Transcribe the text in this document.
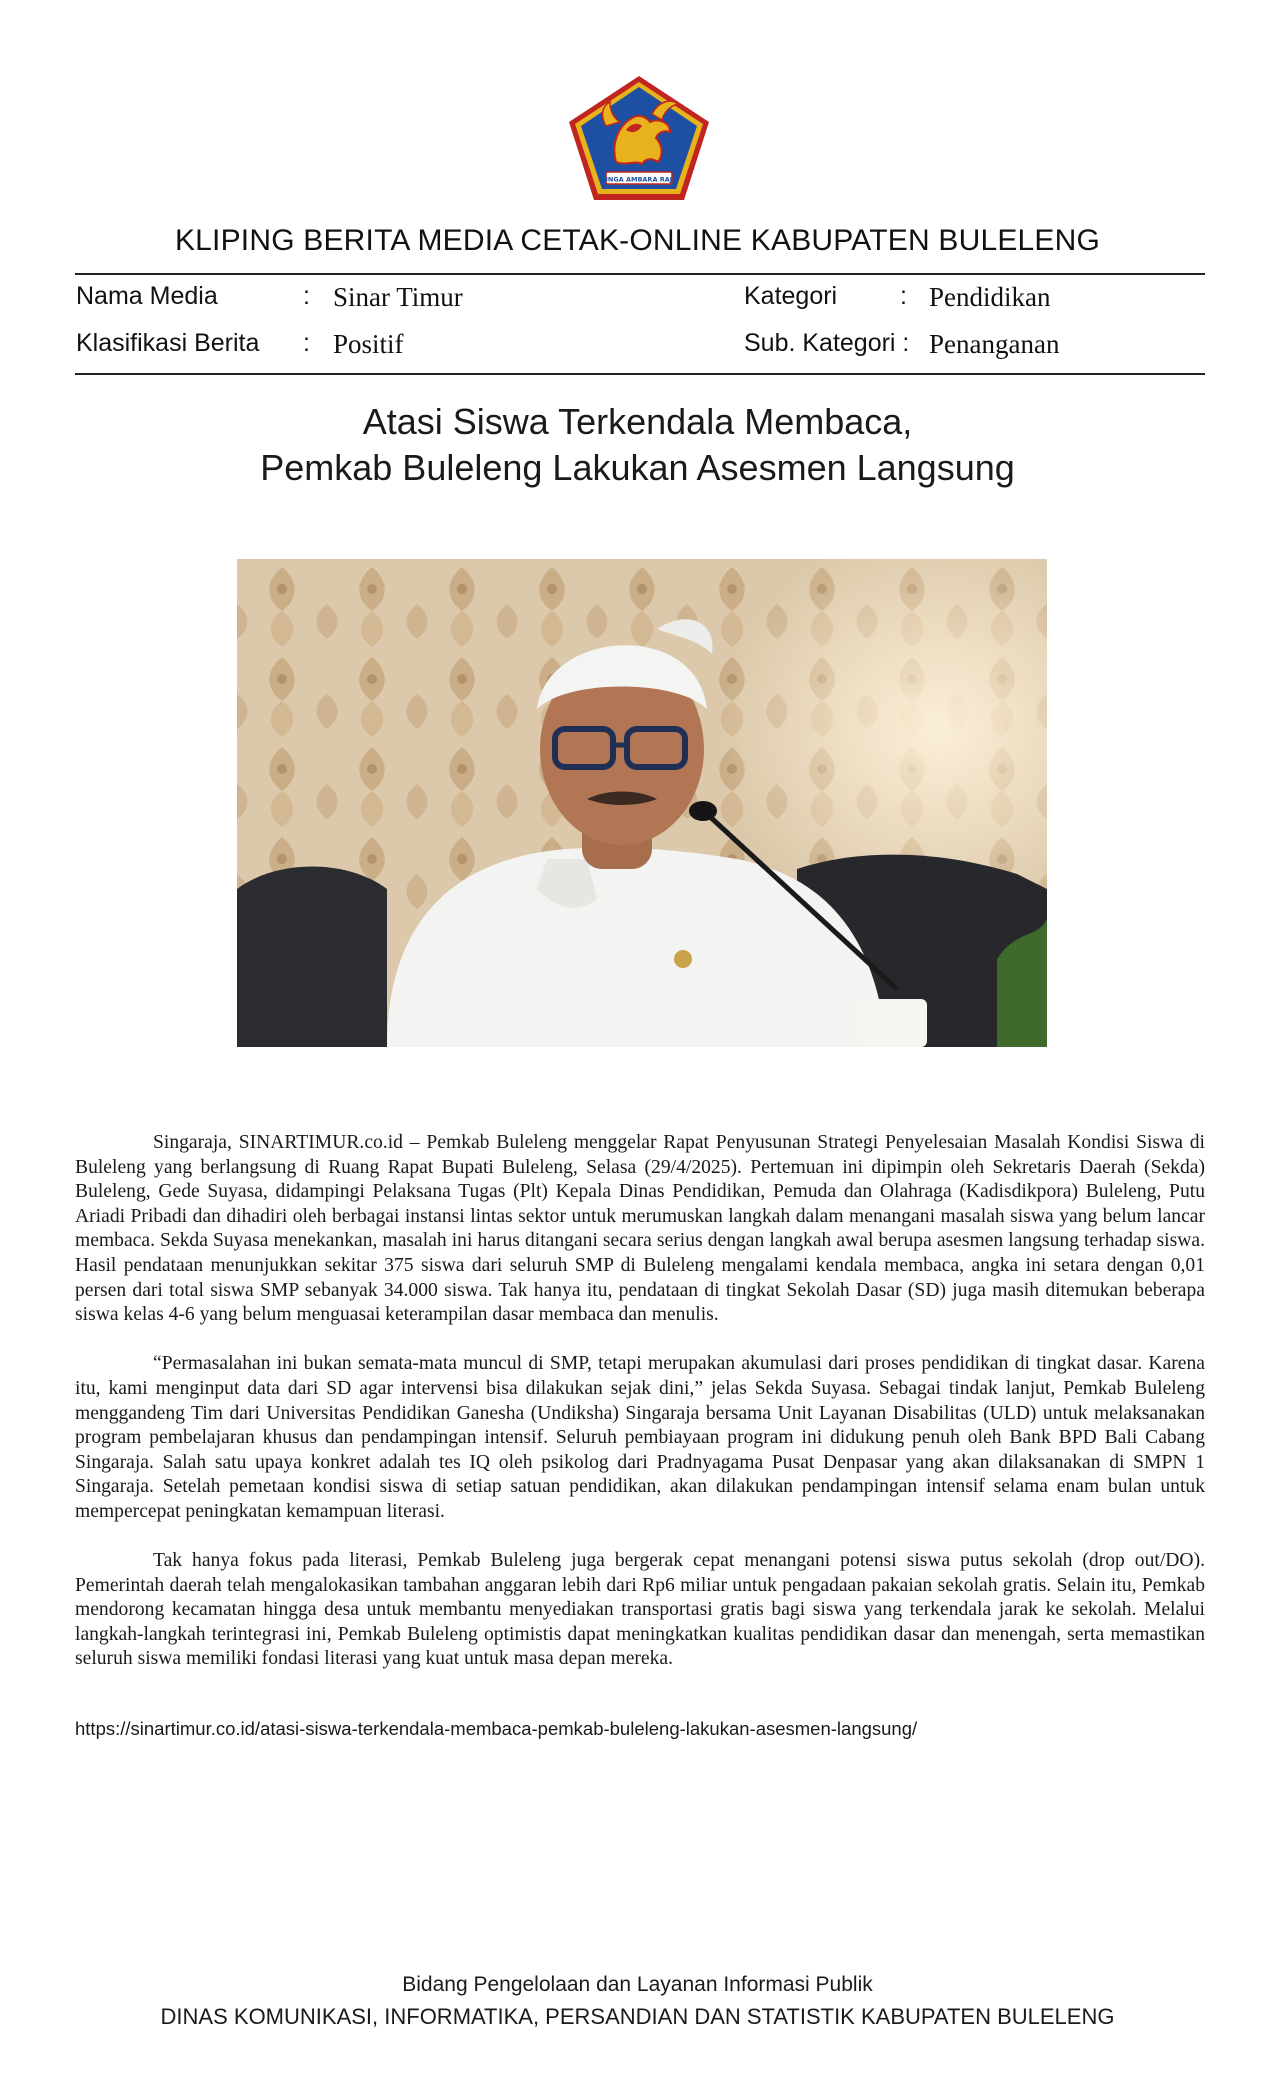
SINGA AMBARA RAJA
KLIPING BERITA MEDIA CETAK-ONLINE KABUPATEN BULELENG
Nama Media	: Sinar Timur	Kategori	: Pendidikan
Klasifikasi Berita : Positif	Sub. Kategori : Penanganan
Atasi Siswa Terkendala Membaca,
Pemkab Buleleng Lakukan Asesmen Langsung

Singaraja, SINARTIMUR.co.id – Pemkab Buleleng menggelar Rapat Penyusunan Strategi Penyelesaian Masalah Kondisi Siswa di Buleleng yang berlangsung di Ruang Rapat Bupati Buleleng, Selasa (29/4/2025). Pertemuan ini dipimpin oleh Sekretaris Daerah (Sekda) Buleleng, Gede Suyasa, didampingi Pelaksana Tugas (Plt) Kepala Dinas Pendidikan, Pemuda dan Olahraga (Kadisdikpora) Buleleng, Putu Ariadi Pribadi dan dihadiri oleh berbagai instansi lintas sektor untuk merumuskan langkah dalam menangani masalah siswa yang belum lancar membaca. Sekda Suyasa menekankan, masalah ini harus ditangani secara serius dengan langkah awal berupa asesmen langsung terhadap siswa. Hasil pendataan menunjukkan sekitar 375 siswa dari seluruh SMP di Buleleng mengalami kendala membaca, angka ini setara dengan 0,01 persen dari total siswa SMP sebanyak 34.000 siswa. Tak hanya itu, pendataan di tingkat Sekolah Dasar (SD) juga masih ditemukan beberapa siswa kelas 4-6 yang belum menguasai keterampilan dasar membaca dan menulis.

“Permasalahan ini bukan semata-mata muncul di SMP, tetapi merupakan akumulasi dari proses pendidikan di tingkat dasar. Karena itu, kami menginput data dari SD agar intervensi bisa dilakukan sejak dini,” jelas Sekda Suyasa. Sebagai tindak lanjut, Pemkab Buleleng menggandeng Tim dari Universitas Pendidikan Ganesha (Undiksha) Singaraja bersama Unit Layanan Disabilitas (ULD) untuk melaksanakan program pembelajaran khusus dan pendampingan intensif. Seluruh pembiayaan program ini didukung penuh oleh Bank BPD Bali Cabang Singaraja. Salah satu upaya konkret adalah tes IQ oleh psikolog dari Pradnyagama Pusat Denpasar yang akan dilaksanakan di SMPN 1 Singaraja. Setelah pemetaan kondisi siswa di setiap satuan pendidikan, akan dilakukan pendampingan intensif selama enam bulan untuk mempercepat peningkatan kemampuan literasi.

Tak hanya fokus pada literasi, Pemkab Buleleng juga bergerak cepat menangani potensi siswa putus sekolah (drop out/DO). Pemerintah daerah telah mengalokasikan tambahan anggaran lebih dari Rp6 miliar untuk pengadaan pakaian sekolah gratis. Selain itu, Pemkab mendorong kecamatan hingga desa untuk membantu menyediakan transportasi gratis bagi siswa yang terkendala jarak ke sekolah. Melalui langkah-langkah terintegrasi ini, Pemkab Buleleng optimistis dapat meningkatkan kualitas pendidikan dasar dan menengah, serta memastikan seluruh siswa memiliki fondasi literasi yang kuat untuk masa depan mereka.

https://sinartimur.co.id/atasi-siswa-terkendala-membaca-pemkab-buleleng-lakukan-asesmen-langsung/
Bidang Pengelolaan dan Layanan Informasi Publik
DINAS KOMUNIKASI, INFORMATIKA, PERSANDIAN DAN STATISTIK KABUPATEN BULELENG
